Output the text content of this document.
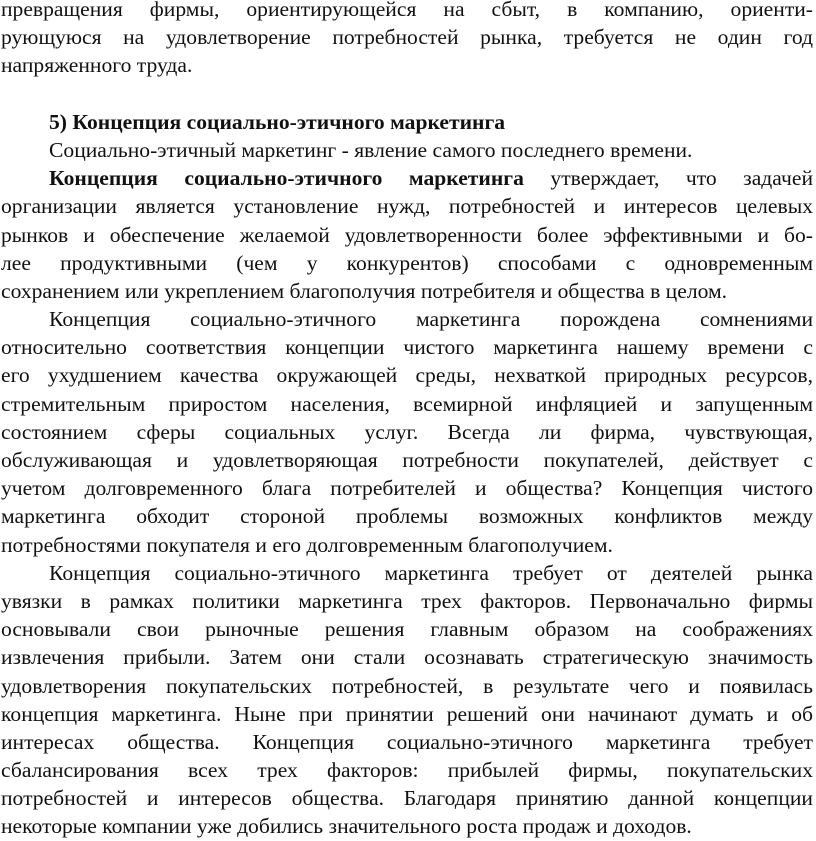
превращения фирмы, ориентирующейся на сбыт, в компанию, ориенти-
рующуюся на удовлетворение потребностей рынка, требуется не один год
напряженного труда.
5) Концепция социально-этичного маркетинга
Социально-этичный маркетинг - явление самого последнего времени.
Концепция социально-этичного маркетинга утверждает, что задачей
организации является установление нужд, потребностей и интересов целевых
рынков и обеспечение желаемой удовлетворенности более эффективными и бо-
лее продуктивными (чем у конкурентов) способами с одновременным
сохранением или укреплением благополучия потребителя и общества в целом.
Концепция социально-этичного маркетинга порождена сомнениями
относительно соответствия концепции чистого маркетинга нашему времени с
его ухудшением качества окружающей среды, нехваткой природных ресурсов,
стремительным приростом населения, всемирной инфляцией и запущенным
состоянием сферы социальных услуг. Всегда ли фирма, чувствующая,
обслуживающая и удовлетворяющая потребности покупателей, действует с
учетом долговременного блага потребителей и общества? Концепция чистого
маркетинга обходит стороной проблемы возможных конфликтов между
потребностями покупателя и его долговременным благополучием.
Концепция социально-этичного маркетинга требует от деятелей рынка
увязки в рамках политики маркетинга трех факторов. Первоначально фирмы
основывали свои рыночные решения главным образом на соображениях
извлечения прибыли. Затем они стали осознавать стратегическую значимость
удовлетворения покупательских потребностей, в результате чего и появилась
концепция маркетинга. Ныне при принятии решений они начинают думать и об
интересах общества. Концепция социально-этичного маркетинга требует
сбалансирования всех трех факторов: прибылей фирмы, покупательских
потребностей и интересов общества. Благодаря принятию данной концепции
некоторые компании уже добились значительного роста продаж и доходов.
